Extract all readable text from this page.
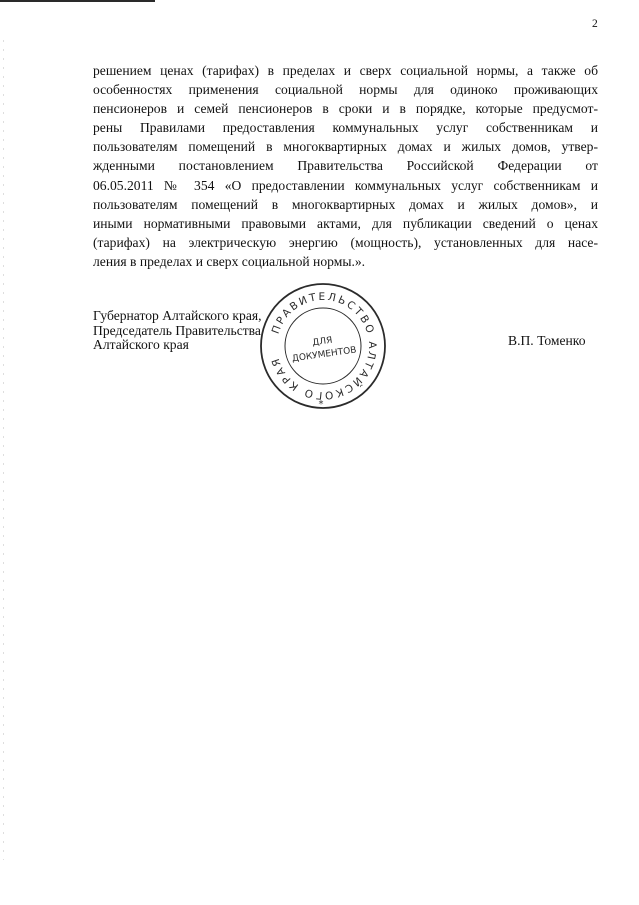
2
решением ценах (тарифах) в пределах и сверх социальной нормы, а также об
особенностях применения социальной нормы для одиноко проживающих
пенсионеров и семей пенсионеров в сроки и в порядке, которые предусмот-
рены Правилами предоставления коммунальных услуг собственникам и
пользователям помещений в многоквартирных домах и жилых домов, утвер-
жденными постановлением Правительства Российской Федерации от
06.05.2011 № 354 «О предоставлении коммунальных услуг собственникам и
пользователям помещений в многоквартирных домах и жилых домов», и
иными нормативными правовыми актами, для публикации сведений о ценах
(тарифах) на электрическую энергию (мощность), установленных для насе-
ления в пределах и сверх социальной нормы.».
Губернатор Алтайского края,
Председатель Правительства
Алтайского края	В.П. Томенко
ПРАВИТЕЛЬСТВО АЛТАЙСКОГО КРАЯ
ДЛЯ
ДОКУМЕНТОВ
*
